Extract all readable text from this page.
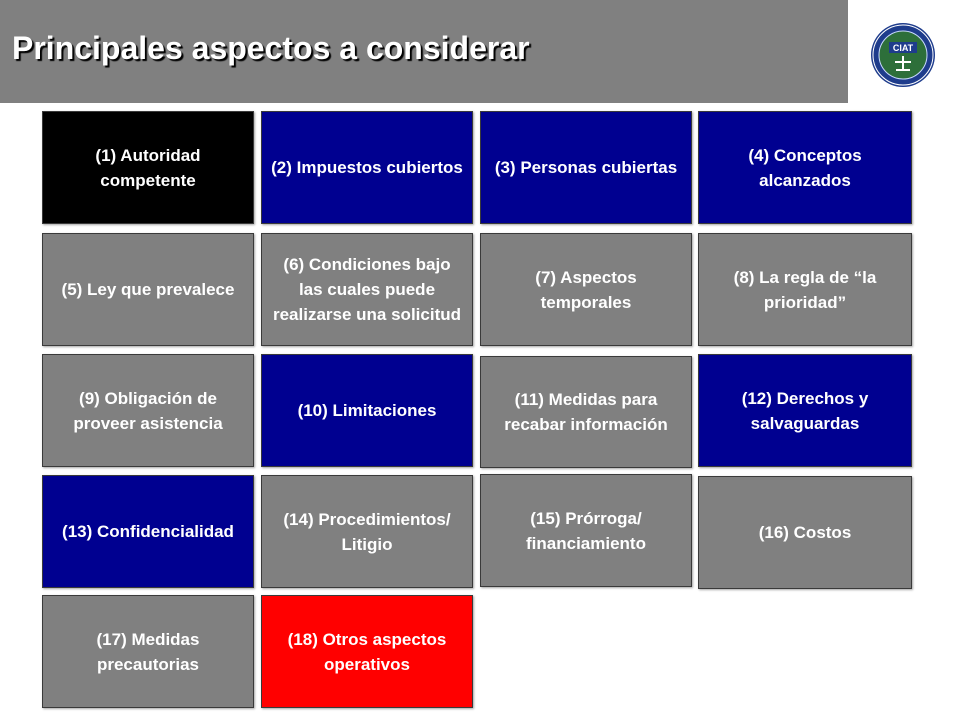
Principales aspectos a considerar	CIAT
(1) Autoridad competente
(2) Impuestos cubiertos (3) Personas cubiertas
(4) Conceptos alcanzados
(5) Ley que prevalece
(6) Condiciones bajo las cuales puede realizarse una solicitud
(7) Aspectos temporales
(8) La regla de “la prioridad”
(9) Obligación de proveer asistencia
(10) Limitaciones
(11) Medidas para recabar información
(12) Derechos y salvaguardas
(13) Confidencialidad
(14) Procedimientos/ Litigio
(15) Prórroga/ financiamiento
(16) Costos
(17) Medidas precautorias
(18) Otros aspectos operativos
